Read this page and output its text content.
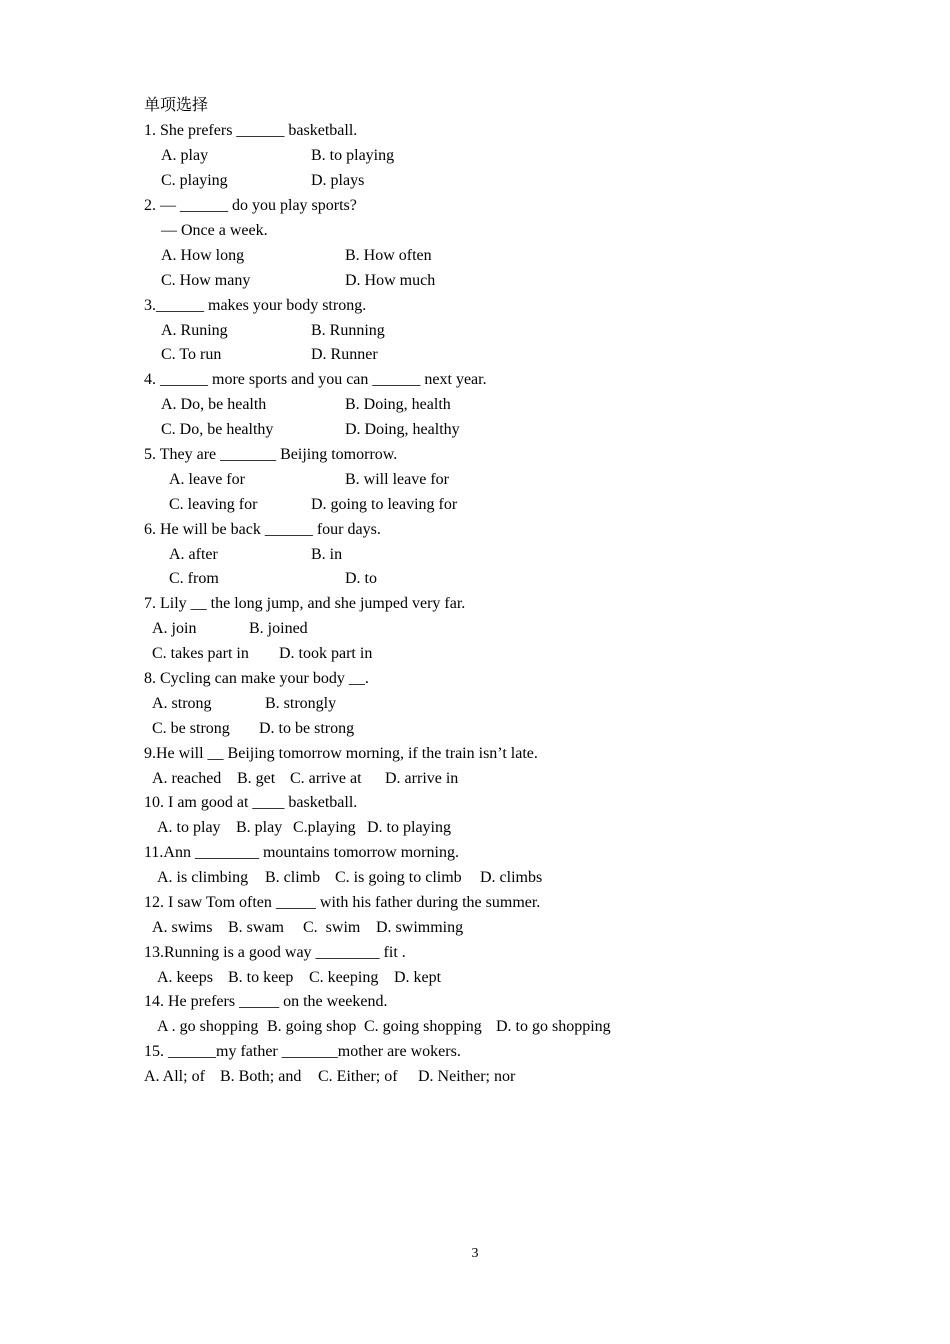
单项选择
1. She prefers ______ basketball.

A. play

	B. to playing

C. playing

	D. plays

2. — ______ do you play sports?
— Once a week.

A. How long

	B. How often

C. How many

	D. How much

3.______ makes your body strong.

A. Runing

	B. Running

C. To run

	D. Runner

4. ______ more sports and you can ______ next year.

A. Do, be health

	B. Doing, health

C. Do, be healthy

	D. Doing, healthy

5. They are _______ Beijing tomorrow.

A. leave for

	B. will leave for

C. leaving for

	D. going to leaving for

6. He will be back ______ four days.

A. after

	B. in

C. from

	D. to

7. Lily __ the long jump, and she jumped very far.

A. join

	B. joined

C. takes part in

D. took part in

8. Cycling can make your body __.

A. strong

	B. strongly

C. be strong

D. to be strong

9.He will __ Beijing tomorrow morning, if the train isn’t late.

A. reached

B. get

C. arrive at

D. arrive in

10. I am good at ____ basketball.

A. to play

B. play

C.playing

D. to playing

11.Ann ________ mountains tomorrow morning.

A. is climbing

B. climb

C. is going to climb

D. climbs

12. I saw Tom often _____ with his father during the summer.

A. swims

B. swam

C.  swim

D. swimming

13.Running is a good way ________ fit .

A. keeps

B. to keep

C. keeping

D. kept

14. He prefers _____ on the weekend.

A . go shopping

B. going shop

C. going shopping

D. to go shopping

15. ______my father _______mother are wokers.

A. All; of

B. Both; and

C. Either; of

D. Neither; nor

3
